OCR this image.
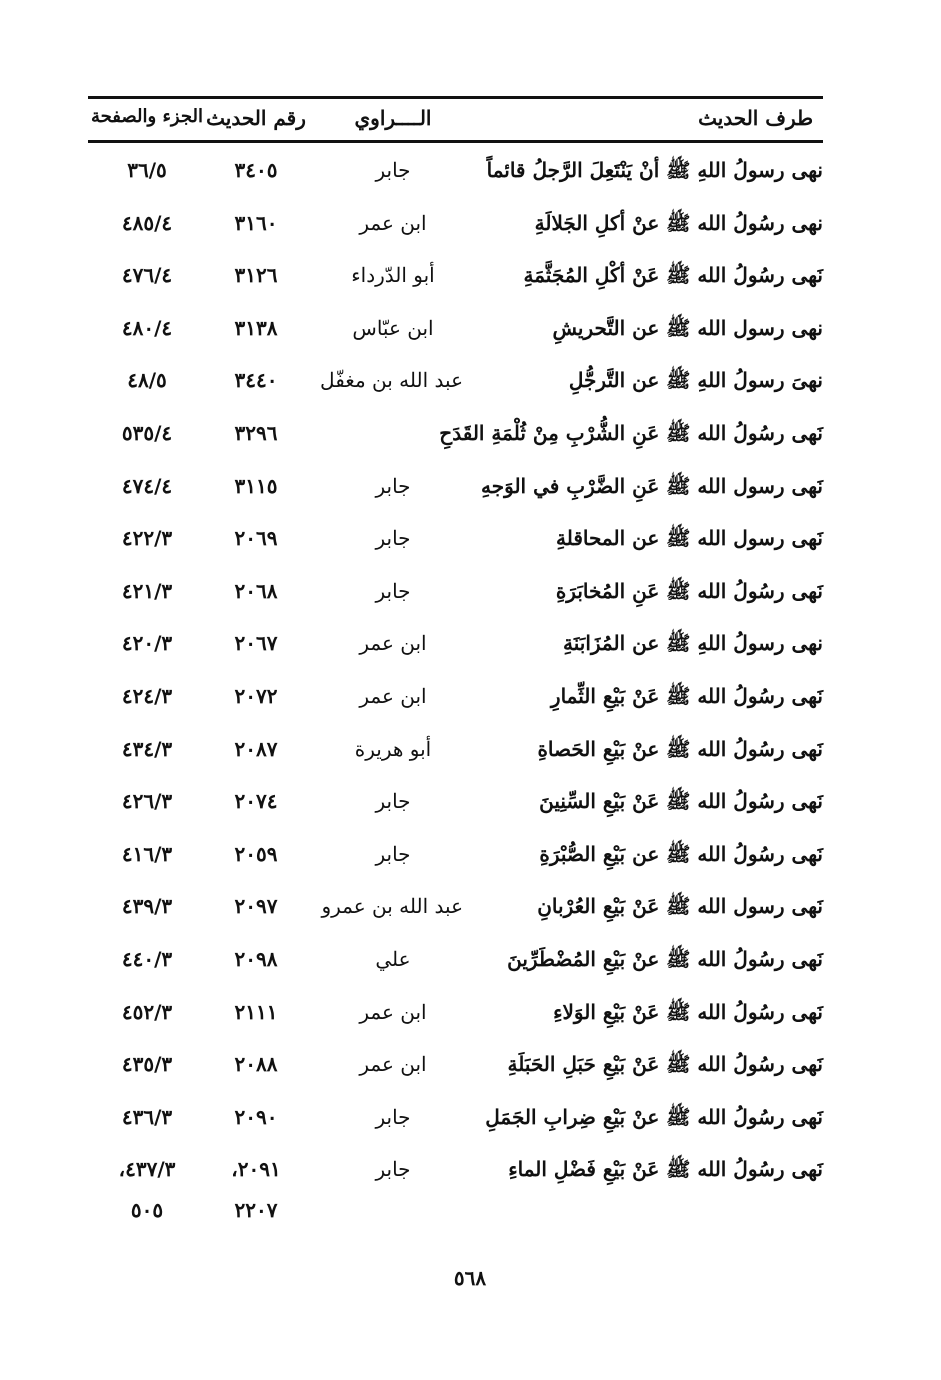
طرف الحديث
الــــراوي
رقم الحديث
الجزء والصفحة
نهى رسولُ اللهِ ﷺ أنْ يَنْتَعِلَ الرَّجلُ قائماً
جابر
٣٤٠٥
٣٦/٥
نهى رسُولُ الله ﷺ عنْ أكلِ الجَلالَةِ
ابن عمر
٣١٦٠
٤٨٥/٤
نَهى رسُولُ الله ﷺ عَنْ أكْلِ المُجَثَّمَةِ
أبو الدّرداء
٣١٢٦
٤٧٦/٤
نهى رسول الله ﷺ عن التَّحريشِ
ابن عبّاس
٣١٣٨
٤٨٠/٤
نهىَ رسولُ اللهِ ﷺ عن التَّرجُّلِ
عبد الله بن مغفّل
٣٤٤٠
٤٨/٥
نَهى رسُولُ الله ﷺ عَنِ الشُّرْبِ مِنْ ثُلْمَةِ القَدَحِ
٣٢٩٦
٥٣٥/٤
نَهى رسول الله ﷺ عَنِ الضَّرْبِ في الوَجهِ
جابر
٣١١٥
٤٧٤/٤
نَهى رسول الله ﷺ عن المحاقلةِ
جابر
٢٠٦٩
٤٢٢/٣
نَهى رسُولُ الله ﷺ عَنِ المُخابَرَةِ
جابر
٢٠٦٨
٤٢١/٣
نهى رسولُ اللهِ ﷺ عن المُزَابَنَةِ
ابن عمر
٢٠٦٧
٤٢٠/٣
نَهى رسُولُ الله ﷺ عَنْ بَيْعِ الثِّمارِ
ابن عمر
٢٠٧٢
٤٢٤/٣
نَهى رسُولُ الله ﷺ عنْ بَيْعِ الحَصاةِ
أبو هريرة
٢٠٨٧
٤٣٤/٣
نَهى رسُولُ الله ﷺ عَنْ بَيْعِ السِّنِينَ
جابر
٢٠٧٤
٤٢٦/٣
نَهى رسُولُ الله ﷺ عن بَيْعِ الصُّبْرَةِ
جابر
٢٠٥٩
٤١٦/٣
نَهى رسول الله ﷺ عَنْ بَيْعِ العُرْبانِ
عبد الله بن عمرو
٢٠٩٧
٤٣٩/٣
نَهى رسُولُ الله ﷺ عنْ بَيْعِ المُضْطَرِّينَ
علي
٢٠٩٨
٤٤٠/٣
نَهى رسُولُ الله ﷺ عَنْ بَيْعِ الوَلاءِ
ابن عمر
٢١١١
٤٥٢/٣
نَهى رسُولُ الله ﷺ عَنْ بَيْعِ حَبَلِ الحَبَلَةِ
ابن عمر
٢٠٨٨
٤٣٥/٣
نَهى رسُولُ الله ﷺ عنْ بَيْعِ ضِرابِ الجَمَلِ
جابر
٢٠٩٠
٤٣٦/٣
نَهى رسُولُ الله ﷺ عَنْ بَيْعِ فَضْلِ الماءِ
جابر
٢٠٩١،
٤٣٧/٣،
٢٢٠٧
٥٠٥
٥٦٨
